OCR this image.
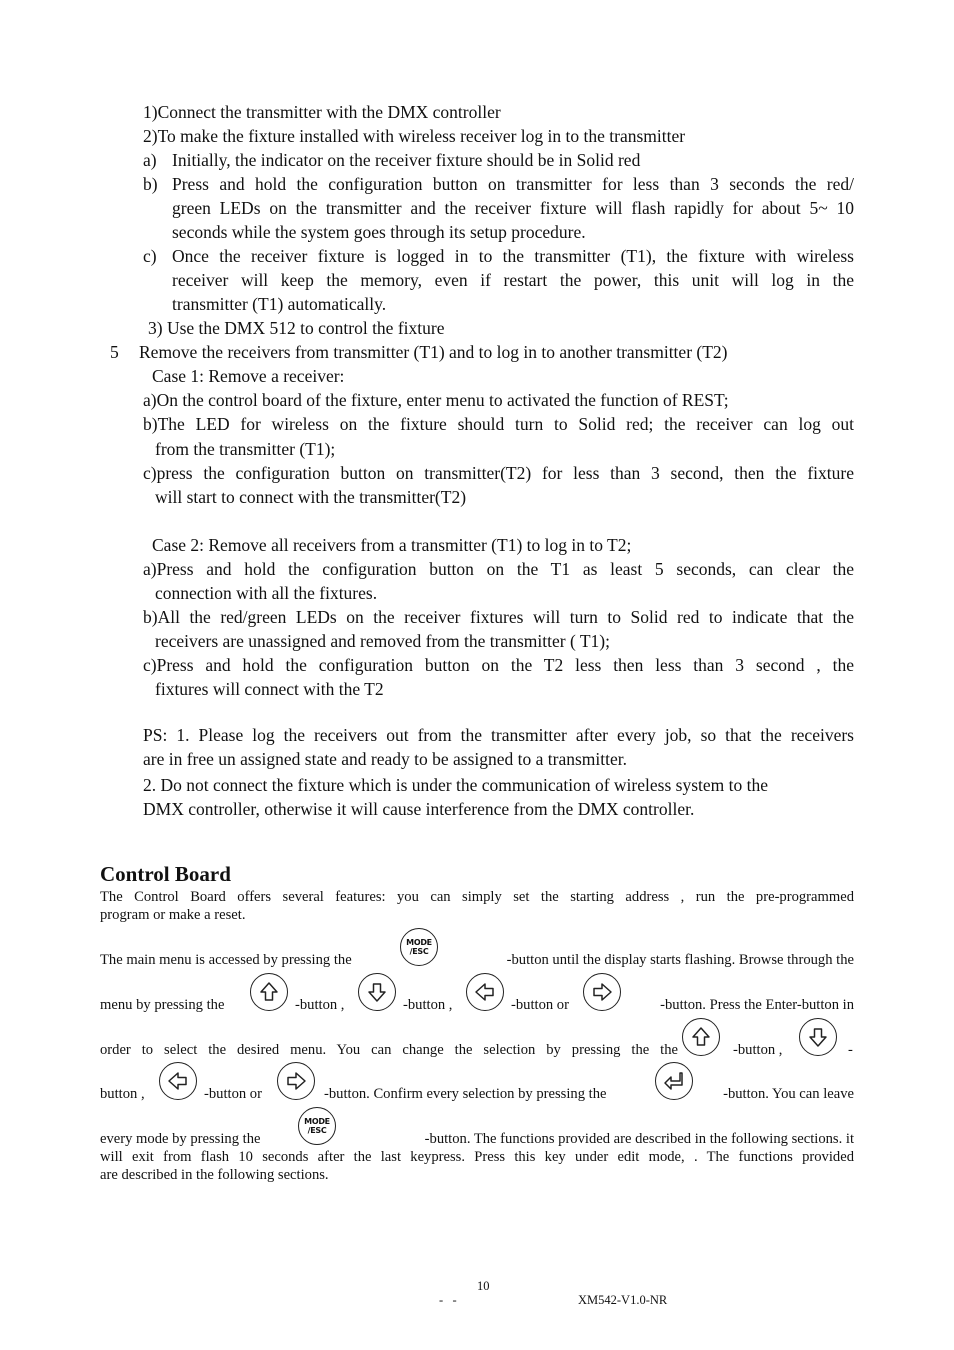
1)Connect the transmitter with the DMX controller
2)To make the fixture installed with wireless receiver log in to the transmitter
a) Initially, the indicator on the receiver fixture should be in Solid red
b) Press and hold the configuration button on transmitter for less than 3 seconds the red/
green LEDs on the transmitter and the receiver fixture will flash rapidly for about 5~ 10
seconds while the system goes through its setup procedure.
c) Once the receiver fixture is logged in to the transmitter (T1), the fixture with wireless
receiver will keep the memory, even if restart the power, this unit will log in the
transmitter (T1) automatically.
3) Use the DMX 512 to control the fixture
5 Remove the receivers from transmitter (T1) and to log in to another transmitter (T2)
Case 1: Remove a receiver:
a)On the control board of the fixture, enter menu to activated the function of REST;
b)The LED for wireless on the fixture should turn to Solid red; the receiver can log out
from the transmitter (T1);
c)press the configuration button on transmitter(T2) for less than 3 second, then the fixture
will start to connect with the transmitter(T2)
Case 2: Remove all receivers from a transmitter (T1) to log in to T2;
a)Press and hold the configuration button on the T1 as least 5 seconds, can clear the
connection with all the fixtures.
b)All the red/green LEDs on the receiver fixtures will turn to Solid red to indicate that the
receivers are unassigned and removed from the transmitter ( T1);
c)Press and hold the configuration button on the T2 less then less than 3 second , the
fixtures will connect with the T2
PS: 1. Please log the receivers out from the transmitter after every job, so that the receivers
are in free un assigned state and ready to be assigned to a transmitter.
2. Do not connect the fixture which is under the communication of wireless system to the
DMX controller, otherwise it will cause interference from the DMX controller.
Control Board
The Control Board offers several features: you can simply set the starting address , run the pre-programmed
program or make a reset.
The main menu is accessed by pressing the
MODE
/ESC
-button until the display starts flashing. Browse through the
menu by pressing the	-button ,	-button ,	-button or	-button. Press the Enter-button in
order to select the desired menu. You can change the selection by pressing the the	-button ,	-
button ,	-button or	-button. Confirm every selection by pressing the	-button. You can leave
every mode by pressing the
MODE
/ESC
-button. The functions provided are described in the following sections. it
will exit from flash 10 seconds after the last keypress. Press this key under edit mode, . The functions provided
are described in the following sections.
10
-   -	XM542-V1.0-NR
